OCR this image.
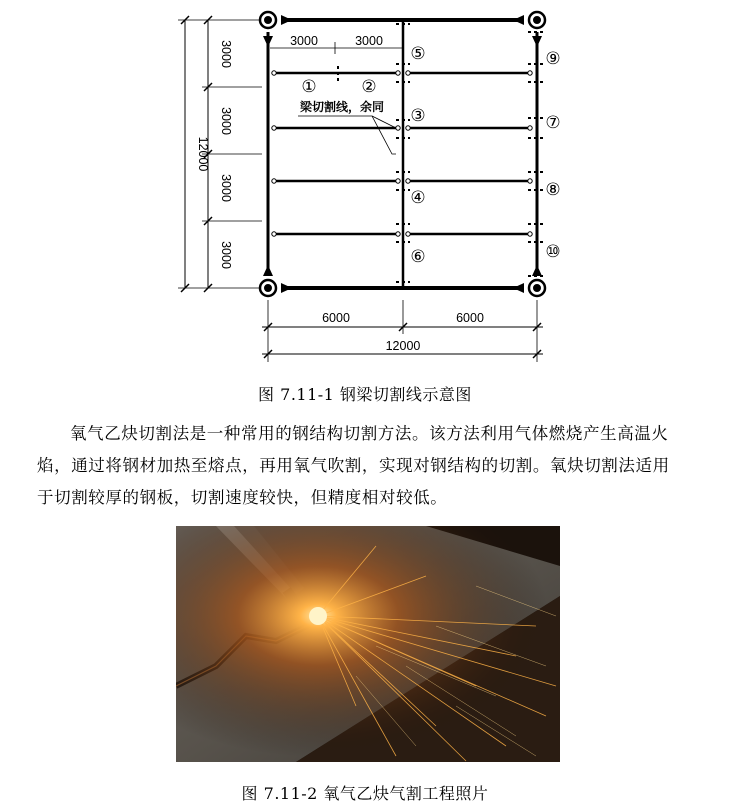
3000
3000
3000
3000
12000
3000	3000
6000	6000
12000
①	②
③
④
⑤
⑥
⑦
⑧
⑨
⑩
梁切割线，余同
图 7.11-1 钢梁切割线示意图

氧气乙炔切割法是一种常用的钢结构切割方法。该方法利用气体燃烧产生高温火焰，通过将钢材加热至熔点，再用氧气吹割，实现对钢结构的切割。氧炔切割法适用于切割较厚的钢板，切割速度较快，但精度相对较低。

图 7.11-2 氧气乙炔气割工程照片
